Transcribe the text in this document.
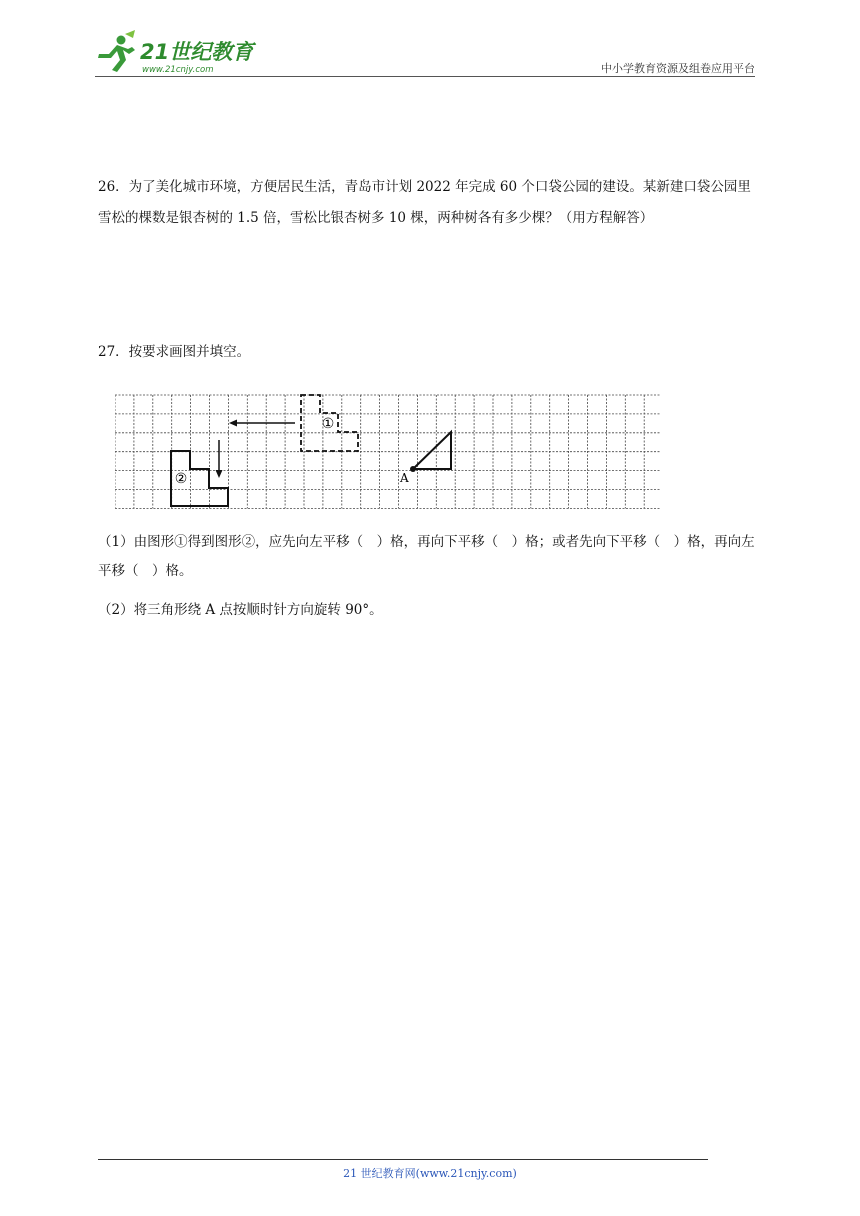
21世纪教育
www.21cnjy.com	中小学教育资源及组卷应用平台
26．为了美化城市环境，方便居民生活，青岛市计划 2022 年完成 60 个口袋公园的建设。某新建口袋公园里雪松的棵数是银杏树的 1.5 倍，雪松比银杏树多 10 棵，两种树各有多少棵？（用方程解答）
27．按要求画图并填空。
①
②	A
（1）由图形①得到图形②，应先向左平移（　）格，再向下平移（　）格；或者先向下平移（　）格，再向左平移（　）格。
（2）将三角形绕 A 点按顺时针方向旋转 90°。
21 世纪教育网(www.21cnjy.com)
